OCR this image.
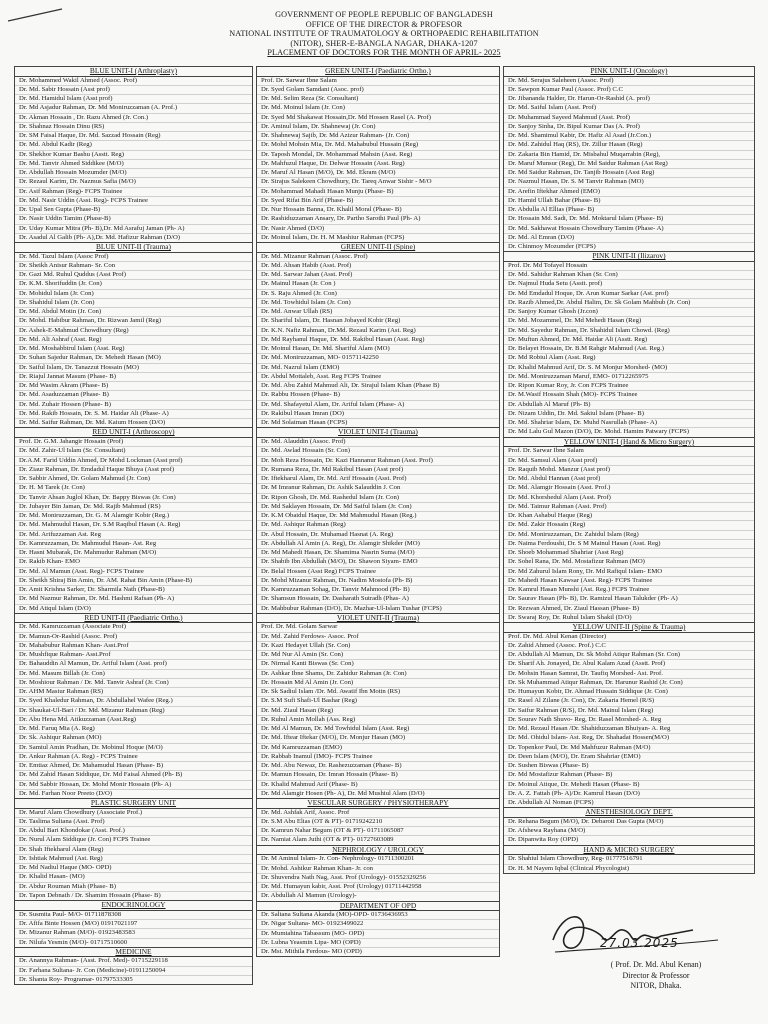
GOVERNMENT OF PEOPLE REPUBLIC OF BANGLADESH
OFFICE OF THE DIRECTOR & PROFESOR
NATIONAL INSTITUTE OF TRAUMATOLOGY & ORTHOPAEDIC REHABILITATION
(NITOR), SHER-E-BANGLA NAGAR, DHAKA-1207
PLACEMENT OF DOCTORS FOR THE MONTH OF APRIL- 2025
BLUE UNIT-I (Arthroplasty)
Dr. Mohammed Wakil Ahmed (Assoc. Prof)
Dr. Md. Sabir Hossain (Asst prof)
Dr. Md. Hamidul Islam (Asst prof)
Dr. Md Asjadur Rahman, Dr. Md Moniruzzaman (A. Prof.)
Dr. Akman Hossain , Dr. Razu Ahmed (Jr. Con.)
Dr. Shahnaz Hossain Dinu (RS)
Dr. SM Faisal Haque, Dr. Md. Sazzad Hossain (Reg)
Dr. Md. Abdul Kadir (Reg)
Dr. Shekhor Kumar Bashu (Asstt. Reg)
Dr. Md. Tanvir Ahmed Siddikee (M/O)
Dr. Abdullah Hossain Mozumder (M/O)
Dr. Rezaul Karim, Dr. Nazmus Safia (M/O)
Dr. Asif Rahman (Reg)- FCPS Trainee
Dr. Md. Nasir Uddin (Asst. Reg)- FCPS Trainee
Dr. Upal Sen Gupta (Phase-B)
Dr. Nasir Uddin Tamim (Phase-B)
Dr. Uday Kumar Mitra (Ph- B),Dr. Md Asrafuj Jaman (Ph- A)
Dr. Asadul Al Galib (Ph- A),Dr. Md. Hafizur Rahman (D/O)
BLUE UNIT-II (Trauma)
Dr. Md. Tazul Islam (Assoc Prof)
Dr. Sheikh Anisur Rahman- Sr. Con
Dr. Gazi Md. Ruhul Quddus (Asst Prof)
Dr. K.M. Shorifuddin (Jr. Con)
Dr. Mohidul Islam (Jr. Con)
Dr. Shahidul Islam (Jr. Con)
Dr. Md. Abdul Motin (Jr. Con)
Dr. Mohd. Habibur Rahman, Dr. Rizwan Jamil (Reg)
Dr. Ashek-E-Mahmud Chowdhury (Reg)
Dr. Md. Ali Ashraf (Asst. Reg)
Dr. Md. Moshabbirul Islam (Asst. Reg)
Dr. Suhan Sajedur Rahman, Dr. Mehedi Hasan (MO)
Dr. Saiful Islam, Dr. Tanazzut Hossain (MO)
Dr. Riajul Jannat Masum (Phase- B)
Dr. Md Wasim Akram (Phase- B)
Dr. Md. Asaduzzaman (Phase- B)
Dr. Md. Zuhair Hossen (Phase- B)
Dr. Md. Rakib Hossain, Dr. S. M. Haidar Ali (Phase- A)
Dr. Md. Saifur Rahman, Dr. Md. Kaium Hossen (D/O)
RED UNIT-I (Arthroscopy)
Prof. Dr. G.M. Jahangir Hossain (Prof)
Dr. Md. Zahir-Ul Islam (Sr. Consultant)
Dr.A.M. Farid Uddin Ahmed, Dr Mohd Lockman (Asst prof)
Dr. Ziaur Rahman, Dr. Emdadul Haque Bhuya (Asst prof)
Dr. Sabbir Ahmed, Dr. Golam Mahmud (Jr. Con)
Dr. H. M Tarek (Jr. Con)
Dr. Tanvir Ahsan Juglol Khan, Dr. Bappy Biswas (Jr. Con)
Dr. Jubayer Bin Jaman, Dr. Md. Rajib Mahmud (RS)
Dr. Md. Moniruzzaman, Dr. G. M Alamgir Kobir (Reg.)
Dr. Md. Mahmudul Hasan, Dr. S.M Raqibul Hasan (A. Reg)
Dr. Md. Arifuzzaman Ast. Reg
Dr. Kamruzzaman, Dr. Mahmudul Hasan- Ast. Reg
Dr. Hasni Mubarak, Dr. Mahmudur Rahman (M/O)
Dr. Rakib Khan- EMO
Dr. Md. Al Mamun (Asst. Reg)- FCPS Trainee
Dr. Sheikh Shiraj Bin Amin, Dr. AM. Rahat Bin Amin (Phase-B)
Dr. Amit Krishna Sarker, Dr. Sharmila Nath (Phase-B)
Dr. Md Nazmur Rahman, Dr. Md. Hashmi Rafsan (Ph- A)
Dr. Md Atiqul Islam (D/O)
RED UNIT-II (Paediatric Ortho.)
Dr. Md. Kamruzzaman (Associate Prof)
Dr. Mamun-Or-Rashid (Assoc. Prof)
Dr. Mahabubur Rahman Khan- Asst.Prof
Dr. Mushfique Rahman- Asst.Prof
Dr. Bahauddin Al Mamun, Dr. Ariful Islam (Asst. prof)
Dr. Md. Masum Billah (Jr. Con)
Dr. Moshiour Rahman / Dr. Md. Tanvir Ashraf (Jr. Con)
Dr. AHM Masiur Rahman (RS)
Dr. Syed Khaledur Rahman, Dr. Abdullahel Wafee (Reg.)
Dr. Shaukat-Ul-Bari / Dr. Md. Mizanur Rahman (Reg)
Dr. Abu Hena Md. Atikuzzaman (Asst.Reg)
Dr. Md. Faruq Mia (A. Reg)
Dr. Sk. Ashiqur Rahman (MO)
Dr. Samiul Amin Pradhan, Dr. Mobinul Hoque (M/O)
Dr. Ankur Rahman (A. Reg) - FCPS Trainee
Dr. Emtiaz Ahmed, Dr. Mahamudul Hasan (Phase- B)
Dr. Md Zahid Hasan Siddique, Dr. Md Faisal Ahmed (Ph- B)
Dr. Md Sabbir Hossan, Dr. Mohd Monir Hossain (Ph- A)
Dr. Md. Farhan Noor Preeto (D/O)
PLASTIC SURGERY UNIT
Dr. Maruf Alam Chowdhury (Associate Prof.)
Dr. Taslima Sultana (Asst. Prof)
Dr. Abdul Bari Khondokar (Asst. Prof.)
Dr. Nurul Alam Siddique (Jr. Con) FCPS Trainee
Dr. Shah Iftekharul Alam (Reg)
Dr. Ishtiak Mahmud (Ast. Reg)
Dr. Md Nadiul Haque (MO- OPD)
Dr. Khalid Hasan- (MO)
Dr. Abdur Rouman Miah (Phase- B)
Dr. Tapon Debnath / Dr. Shamim Hossain (Phase- B)
ENDOCRINOLOGY
Dr. Susmita Paul- M/O- 01711878308
Dr. Afifa Binte Hossen (M/O) 01917021197
Dr. Mizanur Rahman (M/O)- 01923483583
Dr. Nilufa Yesmin (M/O)- 01717510600
MEDICINE
Dr. Anannya Rahman- (Asst. Prof. Med)- 01715229118
Dr. Farhana Sultana- Jr. Con (Medicine)-01911250094
Dr. Shanta Roy- Programar- 01797533305
GREEN UNIT-I (Paediatric Ortho.)
Prof. Dr. Sarwar Ibne Salam
Dr. Syed Golam Samdani (Asoc. prof)
Dr. Md. Selim Reza (Sr. Consultant)
Dr. Md. Moinul Islam (Jr. Con)
Dr. Syed Md Shakawat Hossain,Dr. Md Hossen Rasel (A. Prof)
Dr. Aminul Islam, Dr. Shahnewaj (Jr. Con)
Dr. Shahnewaj Sajib, Dr. Md Azizur Rahman- (Jr. Con)
Dr. Mohd Mohsin Mia, Dr. Md. Mahabubul Hussain (Reg)
Dr. Taposh Mondal, Dr. Mohammad Mahsin (Asst. Reg)
Dr. Mahfuzul Haque, Dr. Delwar Hossain (Asst. Reg)
Dr. Maruf Al Hasan (M/O), Dr. Md. Ekram (M/O)
Dr. Sirajus Salekeen Chowdhury, Dr. Tareq Anwar Sishir - M/O
Dr. Mohammad Mahadi Hasan Munju (Phase- B)
Dr. Syed Rifat Bin Arif (Phase- B)
Dr. Nur Hossain Banna, Dr. Khalil Moral (Phase- B)
Dr. Rashiduzzaman Ansary, Dr. Partho Sarothi Paul (Ph- A)
Dr. Nasir Ahmed (D/O)
Dr. Moinul Islam, Dr. H. M Mashiur Rahman (FCPS)
GREEN UNIT-II (Spine)
Dr. Md. Mizanur Rahman (Assoc. Prof)
Dr. Md. Ahsan Habib (Asst. Prof)
Dr. Md. Sarwar Jahan (Asst. Prof)
Dr. Mainul Hasan (Jr. Con )
Dr. S. Raju Ahmed (Jr. Con)
Dr. Md. Towhidul Islam (Jr. Con)
Dr. Md. Anwar Ullah (RS)
Dr. Shariful Islam, Dr. Hasnan Jobayed Kobir (Reg)
Dr. K.N. Nafiz Rahman, Dr.Md. Rezaul Karim (Ast. Reg)
Dr. Md Rayhanul Haque, Dr. Md. Rakibul Hasan (Asst. Reg)
Dr. Moinul Hasan, Dr. Md. Shariful Alam (MO)
Dr. Md. Moniruzzaman, MO- 01571142250
Dr. Md. Nazrul Islam (EMO)
Dr. Abdul Mottaleb, Asst. Reg FCPS Trainee
Dr. Md. Abu Zahid Mahmud Ali, Dr. Sirajul Islam Khan (Phase B)
Dr. Rabbu Hossen (Phase- B)
Dr. Md. Shafayetul Alam, Dr. Ariful Islam (Phase- A)
Dr. Rakibul Hasan Imran (DO)
Dr. Md Solaiman Hasan (FCPS)
VIOLET UNIT-I (Trauma)
Dr. Md. Alauddin (Assoc. Prof)
Dr. Md. Awlad Hossain (Sr. Con)
Dr. Moh Reza Hossain, Dr. Kazi Hannanur Rahman (Asst. Prof)
Dr. Rumana Reza, Dr. Md Rakibul Hasan (Asst prof)
Dr. Iftekharul Alam, Dr. Md. Arif Hossain (Asst. Prof)
Dr. M Imranur Rahman, Dr. Ashik Salauddin J. Con
Dr. Ripon Ghosh, Dr. Md. Rashedul Islam (Jr. Con)
Dr. Md Saklayen Hossain, Dr. Md Saiful Islam (Jr. Con)
Dr. K.M Obaidul Haque, Dr. Md Mahmudul Hasan (Reg.)
Dr. Md. Ashiqur Rahman (Reg)
Dr. Abul Hossain, Dr. Muhamad Hasnat (A. Reg)
Dr. Abdullah Al Amin (A. Reg), Dr. Alamgir Shikder (MO)
Dr. Md Mahedi Hasan, Dr. Shamima Nasrin Suma (M/O)
Dr. Shabib Ibn Abdullah (M/O), Dr. Shawon Siyam- EMO
Dr. Belal Hossen (Asst Reg) FCPS Trainee
Dr. Mohd Mizanur Rahman, Dr. Nadim Mostofa (Ph- B)
Dr. Kamruzzaman Sohag, Dr. Tanvir Mahmood (Ph- B)
Dr. Shamsun Hossain, Dr. Dasharath Sutradh (Phas- A)
Dr. Mahbubur Rahman (D/O), Dr. Mazhar-Ul-Islam Tushar (FCPS)
VIOLET UNIT-II (Trauma)
Prof. Dr. Md. Golam Sarwar
Dr. Md. Zahid Ferdows- Assoc. Prof
Dr. Kazi Hedayet Ullah (Sr. Con)
Dr. Md Nur Al Amin (Sr. Con)
Dr. Nirmal Kanti Biswas (Sr. Con)
Dr. Ashkar Ibne Shams, Dr. Zahidur Rahman (Jr. Con)
Dr. Hossain Md Al Amin (Jr. Con)
Dr. Sk Sadiul Islam /Dr. Md. Awatif Ibn Motin (RS)
Dr. S.M Sufi Shafi-Ul Bashar (Reg)
Dr. Md. Ziaul Hasan (Reg)
Dr. Ruhul Amin Mollah (Ass. Reg)
Dr. Md Al Mamun, Dr. Md Towhidul Islam (Asst. Reg)
Dr. Md. Iftear Iftekar (M/O), Dr. Monjur Hasan (MO)
Dr. Md Kamruzzaman (EMO)
Dr. Rabbab Inamul (IMO)- FCPS Trainee
Dr. Md. Abu Newaz, Dr. Rashezuzzaman (Phase- B)
Dr. Mamun Hossain, Dr. Imran Hossain (Phase- B)
Dr. Khalid Mahmud Arif (Phase- B)
Dr. Md Alamgir Hosen (Ph- A), Dr. Md Mushiul Alam (D/O)
VESCULAR SURGERY / PHYSIOTHERAPY
Dr. Md. Ashfak Arif, Assoc. Prof
Dr. S.M Abu Elias (OT & PT)- 01719242210
Dr. Kamrun Nahar Begum (OT & PT)- 01711065087
Dr. Namiat Alam Juthi (OT & PT)- 01727603089
NEPHROLOGY / UROLOGY
Dr. M Aminul Islam- Jr. Con- Nephrology- 01711300201
Dr. Mohd. Ashikur Rahman Khan- Jr. con
Dr. Shuvendra Nath Nag, Asst. Prof (Urology)- 01552329256
Dr. Md. Humayun kabir, Asst. Prof (Urology) 01711442958
Dr. Abdullah Al Mamun (Urology)-
DEPARTMENT OF OPD
Dr. Saltana Sultana Akanda (MO)-OPD- 01736436953
Dr. Nigar Sultana- MO- 01923499022
Dr. Mumtahina Tabassum (MO- OPD)
Dr. Lubna Yeasmin Lipa- MO (OPD)
Dr. Mst. Mithila Ferdous- MO (OPD)
PINK UNIT-I (Oncology)
Dr. Md. Serajus Saleheen (Assoc. Prof)
Dr. Sawpon Kumar Paul (Assoc. Prof) C.C
Dr. Jibananda Halder, Dr. Harun-Or-Rashid (A. prof)
Dr. Md. Saiful Islam (Asst. Prof)
Dr. Muhammad Sayeed Mahmud (Asst. Prof)
Dr. Sanjoy Sinha, Dr. Bipul Kumar Das (A. Prof)
Dr. Md. Shamimul Kabir, Dr. Hafiz Al Asad (Jr.Con.)
Dr. Md. Zahidul Haq (RS), Dr. Zillur Hasan (Reg)
Dr. Zakaria Bin Hamid, Dr. Misbahul Muqarrabin (Reg),
Dr. Maruf Munsur (Reg), Dr. Md Saidur Rahman (Ast Reg)
Dr. Md Saidur Rahman, Dr. Tanjib Hossain (Asst Reg)
Dr. Nazmul Hasan, Dr. S. M Tanvir Rahman (MO)
Dr. Arefin Iftekhar Ahmed (EMO)
Dr. Hamid Ullah Bahar (Phase- B)
Dr. Abdulla Al Ellias (Phase- B)
Dr. Hossain Md. Sadi, Dr. Md. Moktarul Islam (Phase- B)
Dr. Md. Sakhawat Hossain Chowdhury Tamim (Phase- A)
Dr. Md. Al Emran (D/O)
Dr. Chinmoy Mozumder (FCPS)
PINK UNIT-II (Ilizarov)
Prof. Dr. Md Tofayel Hossain
Dr. Md. Sahidur Rahman Khan (Sr. Con)
Dr. Najmul Huda Setu (Asstt. prof)
Dr. Md Emdadul Hoque, Dr. Arun Kumar Sarkar (Ast. prof)
Dr. Razib Ahmed,Dr. Abdul Halim, Dr. Sk Golam Mahbub (Jr. Con)
Dr. Sanjoy Kumar Ghosh (Jr.con)
Dr. Md. Mozammel, Dr. Md Mehedi Hasan (Reg)
Dr. Md. Sayedur Rahman, Dr. Shahidul Islam Chowd. (Reg)
Dr. Muftun Ahmed, Dr. Md. Haidar Ali (Asstt. Reg)
Dr. Belayet Hossain, Dr. B.M Rahgir Mahmud (Ast. Reg.)
Dr. Md Robiul Alam (Asst. Reg)
Dr. Khalid Mahmud Arif, Dr. S. M Monjur Morshed- (MO)
Dr. Md. Moniruzzaman Maruf, EMO- 01712265975
Dr. Ripon Kumar Roy, Jr. Con FCPS Trainee
Dr. M.Wasif Hossain Shah (MO)- FCPS Trainee
Dr. Abdullah Al Maruf (Ph- B)
Dr. Nizam Uddin, Dr. Md. Sakiul Islam (Phase- B)
Dr. Md. Shahriar Islam, Dr. Muhd Nasrullah (Phase- A)
Dr. Md Lalu Gul Mazon (D/O), Dr. Mohd. Hamim Patwary (FCPS)
YELLOW UNIT-I (Hand & Micro Surgery)
Prof. Dr. Sarwar Ibne Salam
Dr. Md. Samsul Alam (Asst prof)
Dr. Raquib Mohd. Manzur (Asst prof)
Dr. Md. Abdul Hannan (Asst prof)
Dr. Md. Alamgir Hossain (Asst. Prof.)
Dr. Md. Khorshedul Alam (Asst. Prof)
Dr. Md. Taimur Rahman (Asst. Prof)
Dr. Khan Ashabul Haque (Reg)
Dr. Md. Zakir Hossain (Reg)
Dr. Md. Moniruzzaman, Dr. Zahidul Islam (Reg)
Dr. Naima Ferdoushi, Dr. S M Mainul Hasan (Asst. Reg)
Dr. Shoeb Mohammad Shahriar (Asst Reg)
Dr. Sohel Rana, Dr. Md. Mostafizur Rahman (MO)
Dr. Md Zahurul Islam Rony, Dr. Md Rafiqul Islam- EMO
Dr. Mahedi Hasan Kawsar (Asst. Reg)- FCPS Trainee
Dr. Kamrul Hasan Munshi (Ast. Reg.) FCPS Trainee
Dr. Saurav Hasan (Ph- B), Dr. Ramizul Hasan Talukder (Ph- A)
Dr. Rezwan Ahmed, Dr. Ziaul Hassan (Phase- B)
Dr. Swaraj Roy, Dr. Ruhul Islam Shakil (D/O)
YELLOW UNIT-II (Spine & Trauma)
Prof. Dr. Md. Abul Kenan (Director)
Dr. Zahid Ahmed (Assoc. Prof.) C.C
Dr. Abdullah Al Mamun, Dr. Sk Mohd Atiqur Rahman (Sr. Con)
Dr. Sharif Ah. Jonayed, Dr. Abul Kalam Azad (Asstt. Prof)
Dr. Mohsin Hasan Samrat, Dr. Taufiq Morshed- Ast. Prof.
Dr. Sk Muhammad Atiqur Rahman, Dr. Harunur Rashid (Jr. Con)
Dr. Humayun Kobir, Dr. Ahmad Hussain Siddique (Jr. Con)
Dr. Rasel Al Zilane (Jr. Con), Dr. Zakaria Hemel (R/S)
Dr. Saifur Rahman (R/S), Dr. Md. Mainul Islam (Reg)
Dr. Sourav Nath Shuvo- Reg, Dr. Rasel Morshed- A. Reg
Dr. Md. Rezaul Hasan /Dr. Shahiduzzaman Bhuiyan- A. Reg
Dr. Md. Ohidul Islam- Ast. Reg, Dr. Shahadat Hossen(M/O)
Dr. Topenkor Paul, Dr. Md Mahfuzur Rahman (M/O)
Dr. Deen Islam (M/O), Dr. Eram Shahriar (EMO)
Dr. Sushen Biswas (Phase- B)
Dr. Md Mostafizur Rahman (Phase- B)
Dr. Moinul Atique, Dr. Mehedi Hasan (Phase- B)
Dr. A. Z. Fattah (Ph- A)/Dr. Kamrul Hasan (D/O)
Dr. Abdullah Al Noman (FCPS)
ANESTHESIOLOGY DEPT.
Dr. Rehana Begum (M/O), Dr. Debaroti Das Gupta (M/O)
Dr. Afshewa Rayhana (M/O)
Dr. Dipanwita Roy (OPD)
HAND & MICRO SURGERY
Dr. Shahiul Islam Chowdhury, Reg- 01777516791
Dr. H. M Nayem Iqbal (Clinical Phycologist)
27.03.2025
( Prof. Dr. Md. Abul Kenan)
Director & Professor
NITOR, Dhaka.
